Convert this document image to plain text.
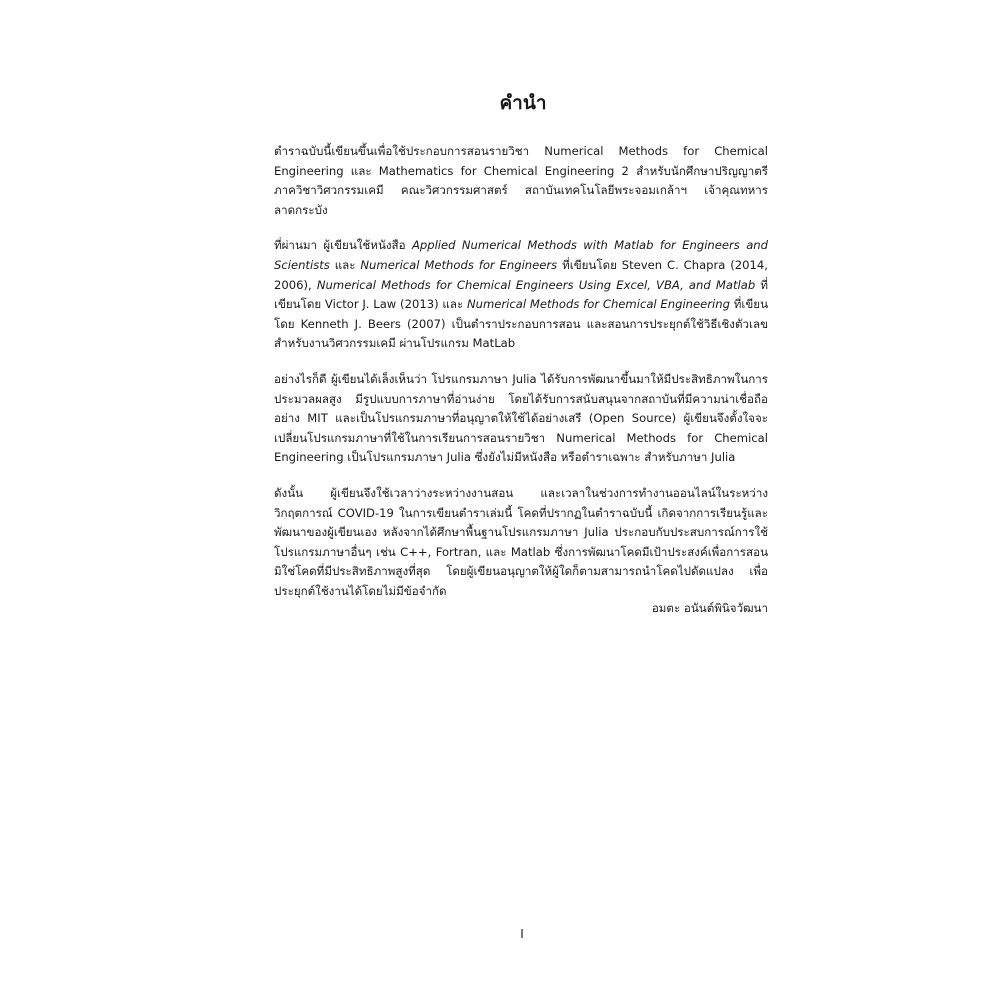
คำนำ

ตำราฉบับนี้เขียนขึ้นเพื่อใช้ประกอบการสอนรายวิชา Numerical Methods for Chemical Engineering และ Mathematics for Chemical Engineering 2 สำหรับนักศึกษาปริญญาตรี ภาควิชาวิศวกรรมเคมี คณะวิศวกรรมศาสตร์ สถาบันเทคโนโลยีพระจอมเกล้าฯ เจ้าคุณทหารลาดกระบัง

ที่ผ่านมา ผู้เขียนใช้หนังสือ Applied Numerical Methods with Matlab for Engineers and Scientists และ Numerical Methods for Engineers ที่เขียนโดย Steven C. Chapra (2014, 2006), Numerical Methods for Chemical Engineers Using Excel, VBA, and Matlab ที่เขียนโดย Victor J. Law (2013) และ Numerical Methods for Chemical Engineering ที่เขียนโดย Kenneth J. Beers (2007) เป็นตำราประกอบการสอน และสอนการประยุกต์ใช้วิธีเชิงตัวเลขสำหรับงานวิศวกรรมเคมี ผ่านโปรแกรม MatLab

อย่างไรก็ดี ผู้เขียนได้เล็งเห็นว่า โปรแกรมภาษา Julia ได้รับการพัฒนาขึ้นมาให้มีประสิทธิภาพในการประมวลผลสูง มีรูปแบบการภาษาที่อ่านง่าย โดยได้รับการสนับสนุนจากสถาบันที่มีความน่าเชื่อถืออย่าง MIT และเป็นโปรแกรมภาษาที่อนุญาตให้ใช้ได้อย่างเสรี (Open Source) ผู้เขียนจึงตั้งใจจะเปลี่ยนโปรแกรมภาษาที่ใช้ในการเรียนการสอนรายวิชา Numerical Methods for Chemical Engineering เป็นโปรแกรมภาษา Julia ซึ่งยังไม่มีหนังสือ หรือตำราเฉพาะ สำหรับภาษา Julia

ดังนั้น ผู้เขียนจึงใช้เวลาว่างระหว่างงานสอน และเวลาในช่วงการทำงานออนไลน์ในระหว่างวิกฤตการณ์ COVID-19 ในการเขียนตำราเล่มนี้ โคดที่ปรากฏในตำราฉบับนี้ เกิดจากการเรียนรู้และพัฒนาของผู้เขียนเอง หลังจากได้ศึกษาพื้นฐานโปรแกรมภาษา Julia ประกอบกับประสบการณ์การใช้โปรแกรมภาษาอื่นๆ เช่น C++, Fortran, และ Matlab ซึ่งการพัฒนาโคดมีเป้าประสงค์เพื่อการสอน มิใช่โคดที่มีประสิทธิภาพสูงที่สุด โดยผู้เขียนอนุญาตให้ผู้ใดก็ตามสามารถนำโคดไปดัดแปลง เพื่อประยุกต์ใช้งานได้โดยไม่มีข้อจำกัด

อมตะ อนันต์พินิจวัฒนา

I
